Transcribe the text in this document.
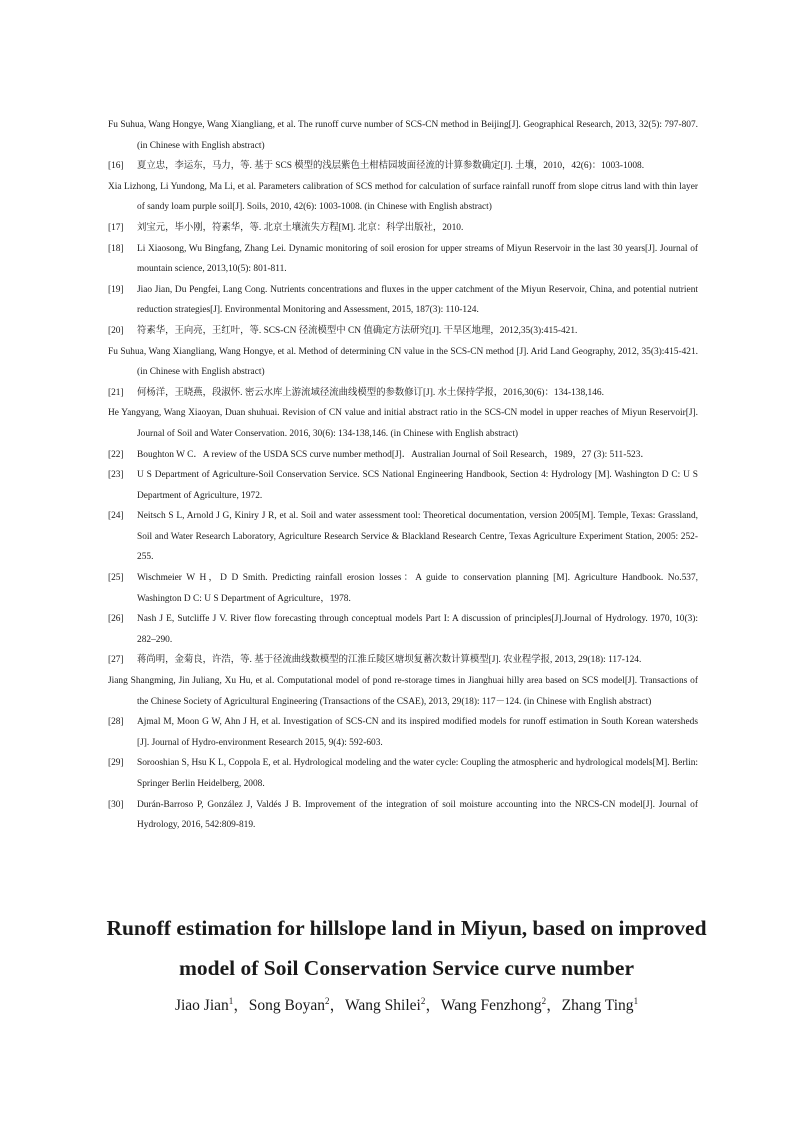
Fu Suhua, Wang Hongye, Wang Xiangliang, et al. The runoff curve number of SCS-CN method in Beijing[J]. Geographical Research, 2013, 32(5): 797-807. (in Chinese with English abstract)
[16] 夏立忠，李运东，马力，等. 基于 SCS 模型的浅层紫色土柑桔园坡面径流的计算参数确定[J]. 土壤，2010，42(6)：1003-1008.
Xia Lizhong, Li Yundong, Ma Li, et al. Parameters calibration of SCS method for calculation of surface rainfall runoff from slope citrus land with thin layer of sandy loam purple soil[J]. Soils, 2010, 42(6): 1003-1008. (in Chinese with English abstract)
[17] 刘宝元，毕小刚，符素华，等. 北京土壤流失方程[M]. 北京：科学出版社，2010.
[18] Li Xiaosong, Wu Bingfang, Zhang Lei. Dynamic monitoring of soil erosion for upper streams of Miyun Reservoir in the last 30 years[J]. Journal of mountain science, 2013,10(5): 801-811.
[19] Jiao Jian, Du Pengfei, Lang Cong. Nutrients concentrations and fluxes in the upper catchment of the Miyun Reservoir, China, and potential nutrient reduction strategies[J]. Environmental Monitoring and Assessment, 2015, 187(3): 110-124.
[20] 符素华，王向亮，王红叶，等. SCS-CN 径流模型中 CN 值确定方法研究[J]. 干旱区地理，2012,35(3):415-421.
Fu Suhua, Wang Xiangliang, Wang Hongye, et al. Method of determining CN value in the SCS-CN method [J]. Arid Land Geography, 2012, 35(3):415-421. (in Chinese with English abstract)
[21] 何杨洋，王晓燕，段淑怀. 密云水库上游流域径流曲线模型的参数修订[J]. 水土保持学报，2016,30(6)：134-138,146.
He Yangyang, Wang Xiaoyan, Duan shuhuai. Revision of CN value and initial abstract ratio in the SCS-CN model in upper reaches of Miyun Reservoir[J]. Journal of Soil and Water Conservation. 2016, 30(6): 134-138,146. (in Chinese with English abstract)
[22] Boughton W C．A review of the USDA SCS curve number method[J]．Australian Journal of Soil Research，1989，27 (3): 511-523．
[23] U S Department of Agriculture-Soil Conservation Service. SCS National Engineering Handbook, Section 4: Hydrology [M]. Washington D C: U S Department of Agriculture, 1972.
[24] Neitsch S L, Arnold J G, Kiniry J R, et al. Soil and water assessment tool: Theoretical documentation, version 2005[M]. Temple, Texas: Grassland, Soil and Water Research Laboratory, Agriculture Research Service & Blackland Research Centre, Texas Agriculture Experiment Station, 2005: 252-255.
[25] Wischmeier W H，D D Smith. Predicting rainfall erosion losses：A guide to conservation planning [M]. Agriculture Handbook. No.537, Washington D C: U S Department of Agriculture，1978.
[26] Nash J E, Sutcliffe J V. River flow forecasting through conceptual models Part I: A discussion of principles[J].Journal of Hydrology. 1970, 10(3): 282–290.
[27] 蒋尚明，金菊良，许浩，等. 基于径流曲线数模型的江淮丘陵区塘坝复蓄次数计算模型[J]. 农业程学报, 2013, 29(18): 117-124.
Jiang Shangming, Jin Juliang, Xu Hu, et al. Computational model of pond re-storage times in Jianghuai hilly area based on SCS model[J]. Transactions of the Chinese Society of Agricultural Engineering (Transactions of the CSAE), 2013, 29(18): 117－124. (in Chinese with English abstract)
[28] Ajmal M, Moon G W, Ahn J H, et al. Investigation of SCS-CN and its inspired modified models for runoff estimation in South Korean watersheds [J]. Journal of Hydro-environment Research 2015, 9(4): 592-603.
[29] Sorooshian S, Hsu K L, Coppola E, et al. Hydrological modeling and the water cycle: Coupling the atmospheric and hydrological models[M]. Berlin: Springer Berlin Heidelberg, 2008.
[30] Durán-Barroso P, González J, Valdés J B. Improvement of the integration of soil moisture accounting into the NRCS-CN model[J]. Journal of Hydrology, 2016, 542:809-819.

Runoff estimation for hillslope land in Miyun, based on improved

model of Soil Conservation Service curve number

Jiao Jian$^1$，Song Boyan$^2$，Wang Shilei$^2$，Wang Fenzhong$^2$，Zhang Ting$^1$
